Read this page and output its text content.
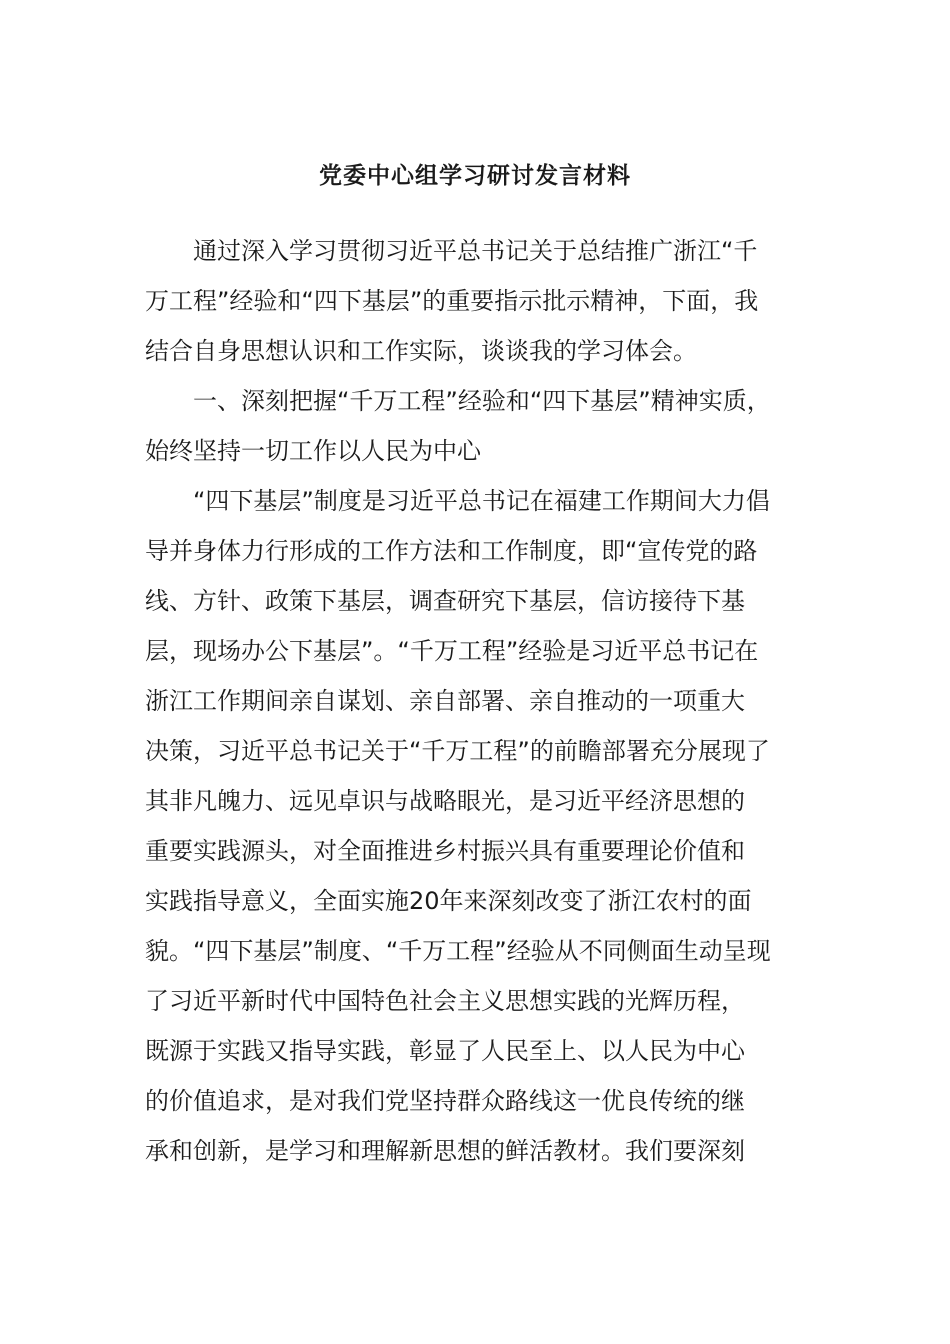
党委中心组学习研讨发言材料

通过深入学习贯彻习近平总书记关于总结推广浙江“千
万工程”经验和“四下基层”的重要指示批示精神，下面，我
结合自身思想认识和工作实际，谈谈我的学习体会。

一、深刻把握“千万工程”经验和“四下基层”精神实质，
始终坚持一切工作以人民为中心

“四下基层”制度是习近平总书记在福建工作期间大力倡
导并身体力行形成的工作方法和工作制度，即“宣传党的路
线、方针、政策下基层，调查研究下基层，信访接待下基
层，现场办公下基层”。“千万工程”经验是习近平总书记在
浙江工作期间亲自谋划、亲自部署、亲自推动的一项重大
决策，习近平总书记关于“千万工程”的前瞻部署充分展现了
其非凡魄力、远见卓识与战略眼光，是习近平经济思想的
重要实践源头，对全面推进乡村振兴具有重要理论价值和
实践指导意义，全面实施20年来深刻改变了浙江农村的面
貌。“四下基层”制度、“千万工程”经验从不同侧面生动呈现
了习近平新时代中国特色社会主义思想实践的光辉历程，
既源于实践又指导实践，彰显了人民至上、以人民为中心
的价值追求，是对我们党坚持群众路线这一优良传统的继
承和创新，是学习和理解新思想的鲜活教材。我们要深刻
